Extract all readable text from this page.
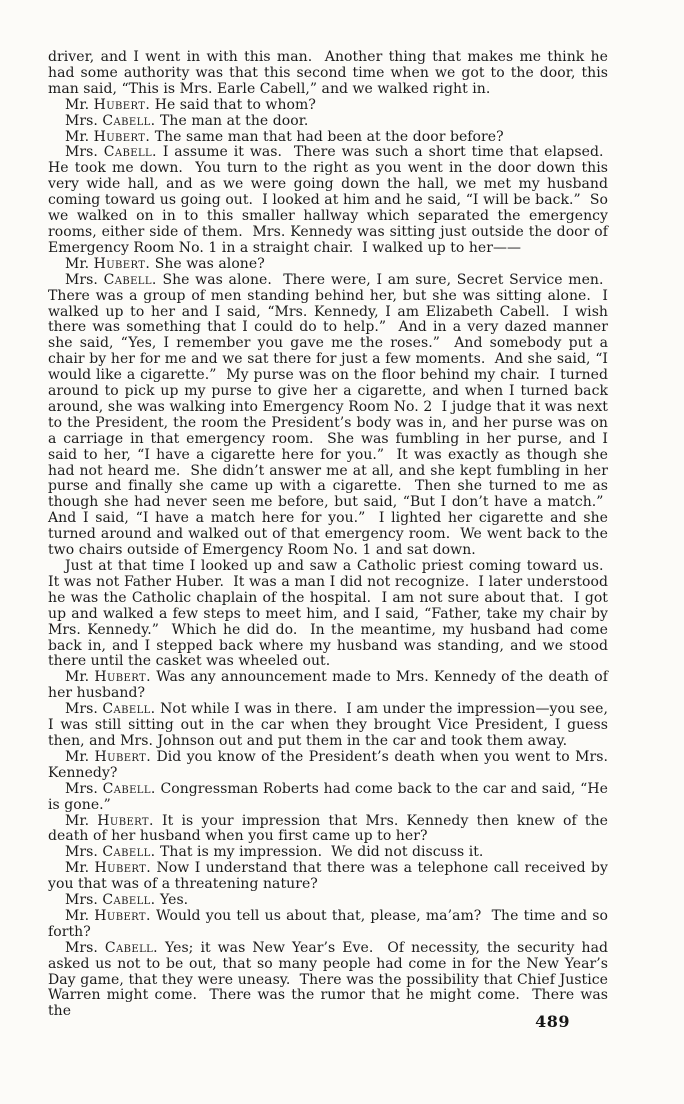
driver, and I went in with this man.  Another thing that makes me think he had some authority was that this second time when we got to the door, this man said, “This is Mrs. Earle Cabell,” and we walked right in.

Mr. Hubert. He said that to whom?

Mrs. Cabell. The man at the door.

Mr. Hubert. The same man that had been at the door before?

Mrs. Cabell. I assume it was.  There was such a short time that elapsed.  He took me down.  You turn to the right as you went in the door down this very wide hall, and as we were going down the hall, we met my husband coming toward us going out.  I looked at him and he said, “I will be back.”  So we walked on in to this smaller hallway which separated the emergency rooms, either side of them.  Mrs. Kennedy was sitting just outside the door of Emergency Room No. 1 in a straight chair.  I walked up to her——

Mr. Hubert. She was alone?

Mrs. Cabell. She was alone.  There were, I am sure, Secret Service men.  There was a group of men standing behind her, but she was sitting alone.  I walked up to her and I said, “Mrs. Kennedy, I am Elizabeth Cabell.  I wish there was something that I could do to help.”  And in a very dazed manner she said, “Yes, I remember you gave me the roses.”  And somebody put a chair by her for me and we sat there for just a few moments.  And she said, “I would like a cigarette.”  My purse was on the floor behind my chair.  I turned around to pick up my purse to give her a cigarette, and when I turned back around, she was walking into Emergency Room No. 2  I judge that it was next to the President, the room the President’s body was in, and her purse was on a carriage in that emergency room.  She was fumbling in her purse, and I said to her, “I have a cigarette here for you.”  It was exactly as though she had not heard me.  She didn’t answer me at all, and she kept fumbling in her purse and finally she came up with a cigarette.  Then she turned to me as though she had never seen me before, but said, “But I don’t have a match.”  And I said, “I have a match here for you.”  I lighted her cigarette and she turned around and walked out of that emergency room.  We went back to the two chairs outside of Emergency Room No. 1 and sat down.

Just at that time I looked up and saw a Catholic priest coming toward us.  It was not Father Huber.  It was a man I did not recognize.  I later understood he was the Catholic chaplain of the hospital.  I am not sure about that.  I got up and walked a few steps to meet him, and I said, “Father, take my chair by Mrs. Kennedy.”  Which he did do.  In the meantime, my husband had come back in, and I stepped back where my husband was standing, and we stood there until the casket was wheeled out.

Mr. Hubert. Was any announcement made to Mrs. Kennedy of the death of her husband?

Mrs. Cabell. Not while I was in there.  I am under the impression—you see, I was still sitting out in the car when they brought Vice President, I guess then, and Mrs. Johnson out and put them in the car and took them away.

Mr. Hubert. Did you know of the President’s death when you went to Mrs. Kennedy?

Mrs. Cabell. Congressman Roberts had come back to the car and said, “He is gone.”

Mr. Hubert. It is your impression that Mrs. Kennedy then knew of the death of her husband when you first came up to her?

Mrs. Cabell. That is my impression.  We did not discuss it.

Mr. Hubert. Now I understand that there was a telephone call received by you that was of a threatening nature?

Mrs. Cabell. Yes.

Mr. Hubert. Would you tell us about that, please, ma’am?  The time and so forth?

Mrs. Cabell. Yes; it was New Year’s Eve.  Of necessity, the security had asked us not to be out, that so many people had come in for the New Year’s Day game, that they were uneasy.  There was the possibility that Chief Justice Warren might come.  There was the rumor that he might come.  There was the

489
